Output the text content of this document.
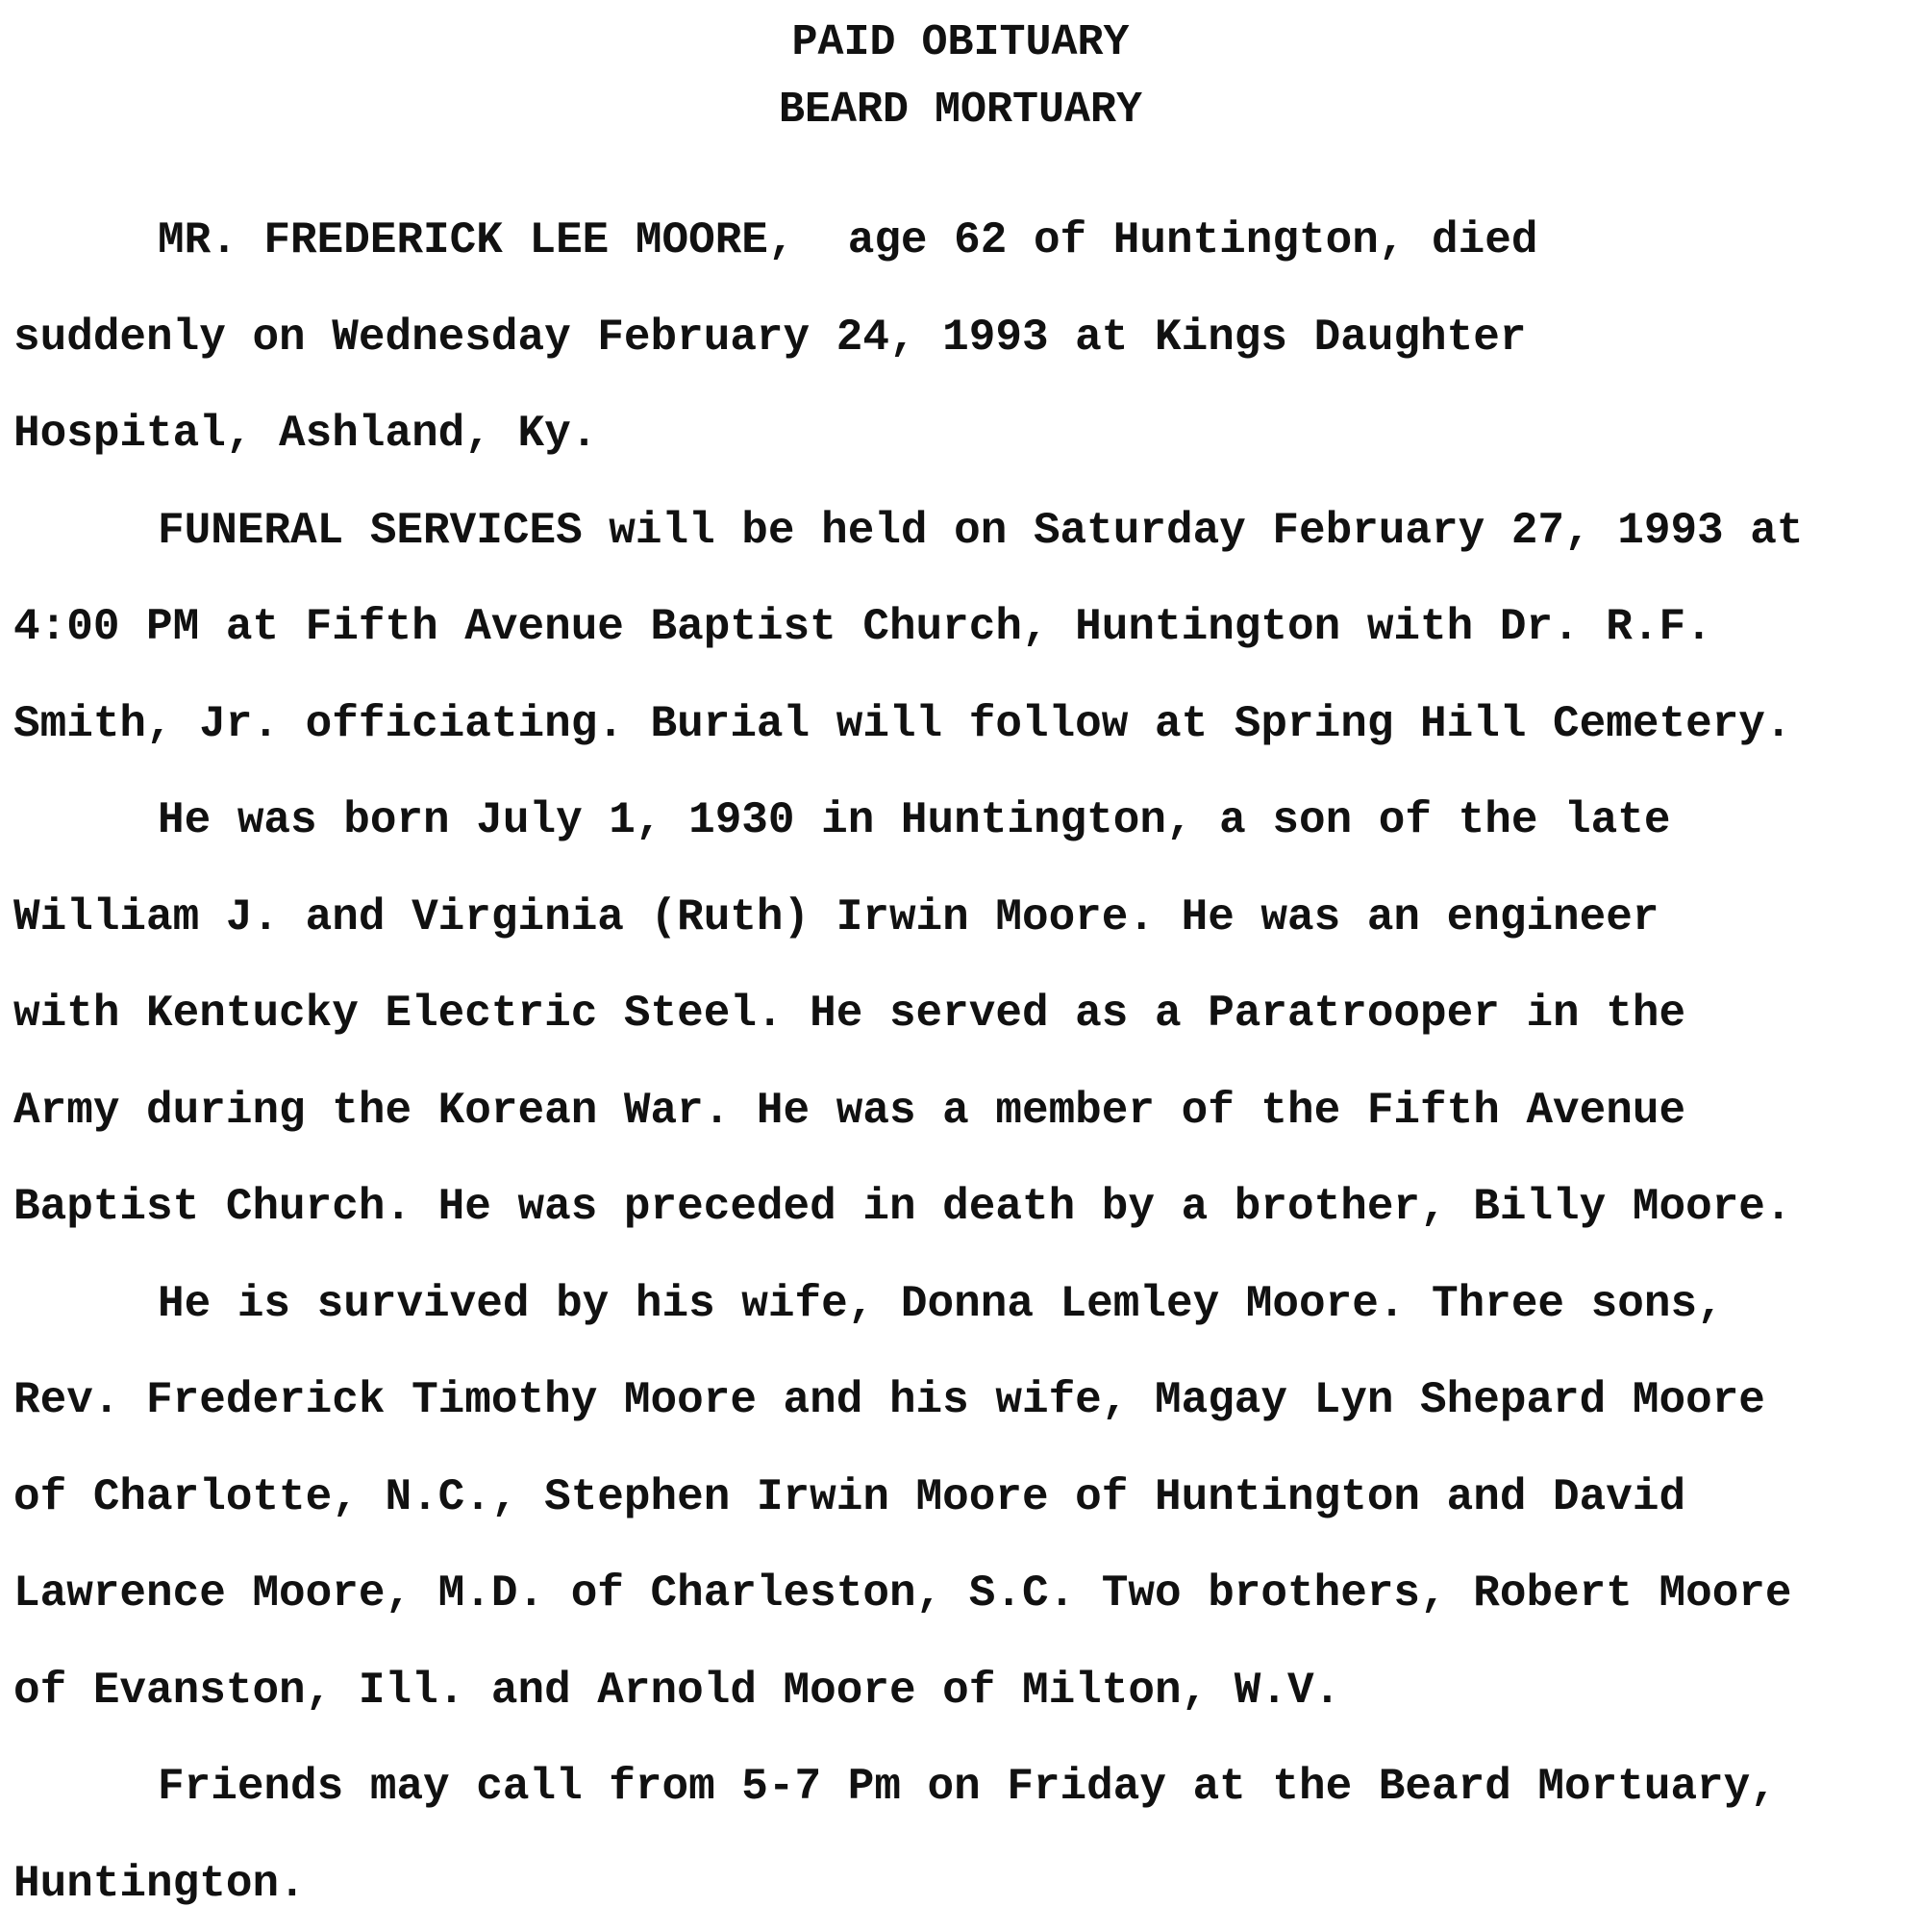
PAID OBITUARY
BEARD MORTUARY
MR. FREDERICK LEE MOORE,  age 62 of Huntington, died
suddenly on Wednesday February 24, 1993 at Kings Daughter
Hospital, Ashland, Ky.
FUNERAL SERVICES will be held on Saturday February 27, 1993 at
4:00 PM at Fifth Avenue Baptist Church, Huntington with Dr. R.F.
Smith, Jr. officiating. Burial will follow at Spring Hill Cemetery.
He was born July 1, 1930 in Huntington, a son of the late
William J. and Virginia (Ruth) Irwin Moore. He was an engineer
with Kentucky Electric Steel. He served as a Paratrooper in the
Army during the Korean War. He was a member of the Fifth Avenue
Baptist Church. He was preceded in death by a brother, Billy Moore.
He is survived by his wife, Donna Lemley Moore. Three sons,
Rev. Frederick Timothy Moore and his wife, Magay Lyn Shepard Moore
of Charlotte, N.C., Stephen Irwin Moore of Huntington and David
Lawrence Moore, M.D. of Charleston, S.C. Two brothers, Robert Moore
of Evanston, Ill. and Arnold Moore of Milton, W.V.
Friends may call from 5-7 Pm on Friday at the Beard Mortuary,
Huntington.
